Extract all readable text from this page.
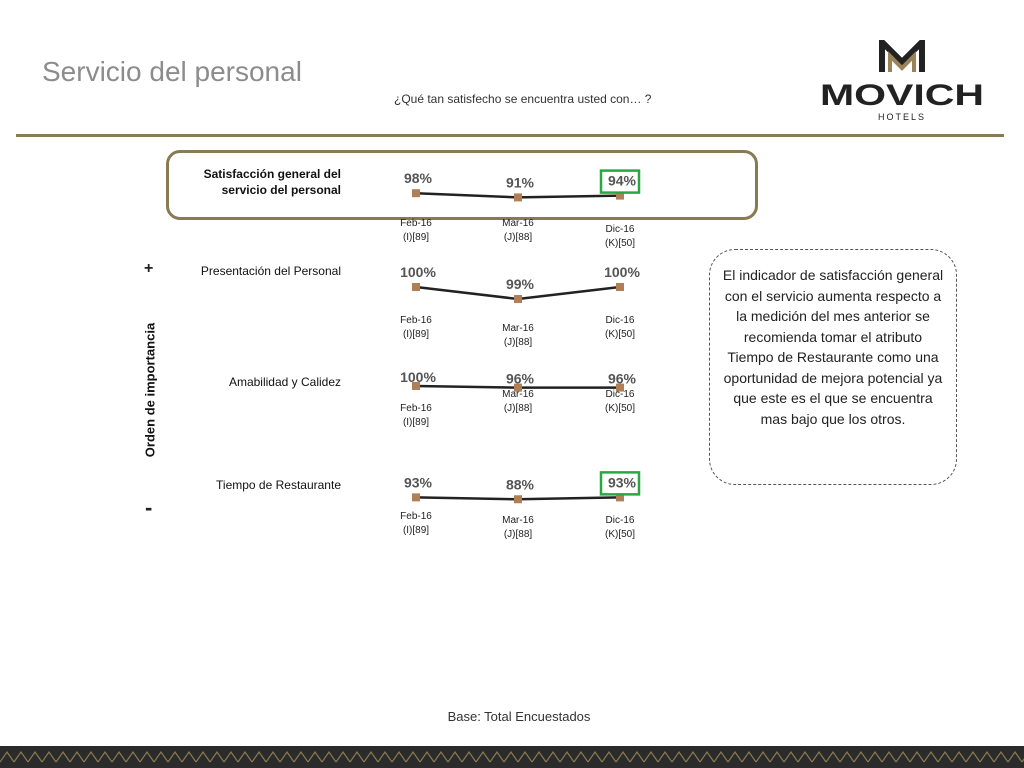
Servicio del personal
¿Qué tan satisfecho se encuentra usted con… ?	MOVICH
HOTELS
Satisfacción general del servicio del personal
Presentación del Personal
Amabilidad y Calidez
Tiempo de Restaurante
Orden de importancia
+
-
98%
Feb-16
(I)[89]
91%
Mar-16
(J)[88]
94%
Dic-16
(K)[50]
100%
Feb-16
(I)[89]
99%
Mar-16
(J)[88]
100%
Dic-16
(K)[50]
100%
Feb-16
(I)[89]
96%
Mar-16
(J)[88]
96%
Dic-16
(K)[50]
93%
Feb-16
(I)[89]
88%
Mar-16
(J)[88]
93%
Dic-16
(K)[50]
El indicador de satisfacción general con el servicio aumenta respecto a la medición del mes anterior se recomienda tomar el atributo Tiempo de Restaurante como una oportunidad de mejora potencial ya que este es el que se encuentra mas bajo que los otros.
Base: Total Encuestados
